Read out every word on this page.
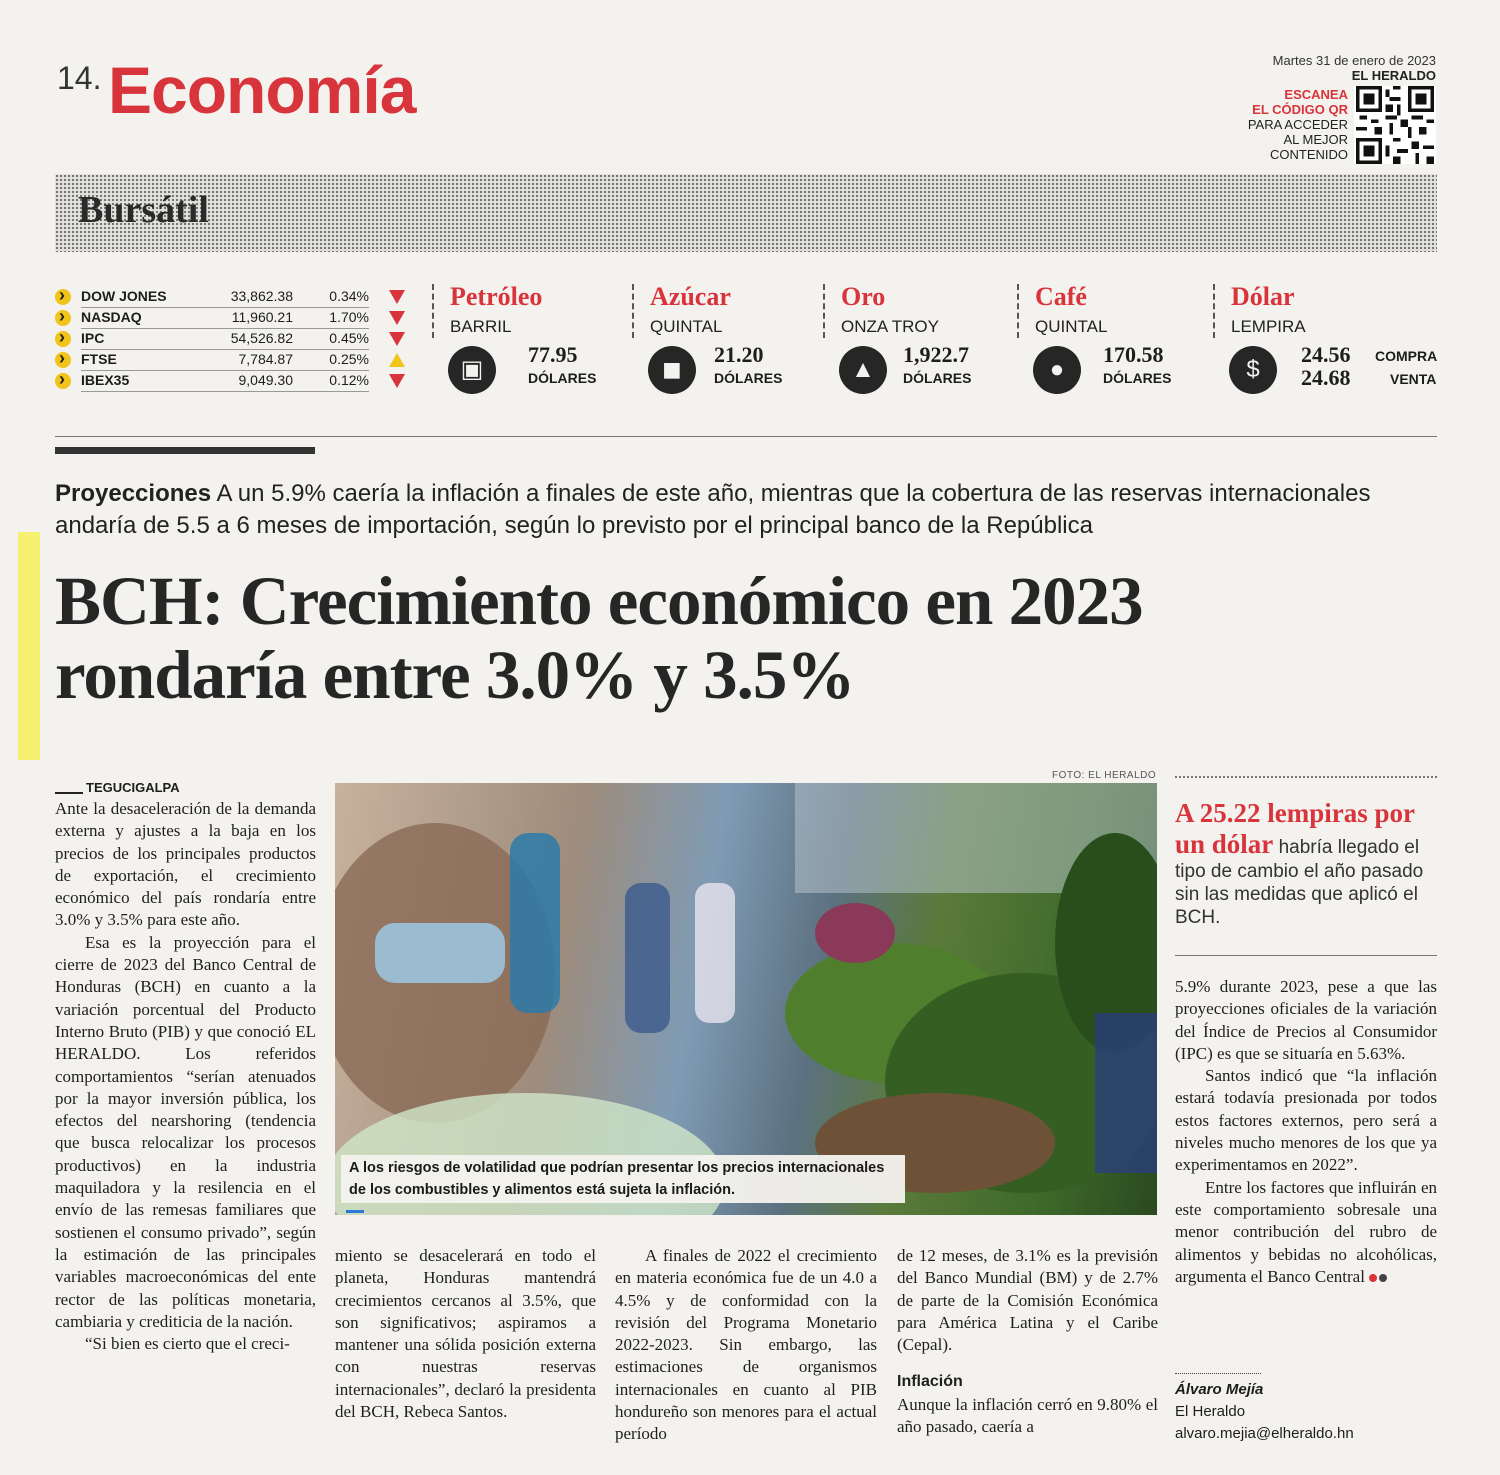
14. Economía	Martes 31 de enero de 2023
EL HERALDO
ESCANEA
EL CÓDIGO QR
PARA ACCEDER
AL MEJOR
CONTENIDO
Bursátil
›
DOW JONES	33,862.38	0.34%
›
NASDAQ	11,960.21	1.70%
›
IPC	54,526.82	0.45%
›
FTSE	7,784.87	0.25%
›
IBEX35	9,049.30	0.12%
Petróleo
BARRIL
▣
77.95
DÓLARES
Azúcar
QUINTAL
◼
21.20
DÓLARES
Oro
ONZA TROY
▲
1,922.7
DÓLARES
Café
QUINTAL
●
170.58
DÓLARES
Dólar
LEMPIRA
$
24.56 COMPRA
24.68	VENTA
Proyecciones A un 5.9% caería la inflación a finales de este año, mientras que la cobertura de las reservas internacionales andaría de 5.5 a 6 meses de importación, según lo previsto por el principal banco de la República
BCH: Crecimiento económico en 2023 rondaría entre 3.0% y 3.5%
TEGUCIGALPA

Ante la desaceleración de la demanda externa y ajustes a la baja en los precios de los principales productos de exportación, el crecimiento económico del país rondaría entre 3.0% y 3.5% para este año.

Esa es la proyección para el cierre de 2023 del Banco Central de Honduras (BCH) en cuanto a la variación porcentual del Producto Interno Bruto (PIB) y que conoció EL HERALDO. Los referidos comportamientos “serían atenuados por la mayor inversión pública, los efectos del nearshoring (tendencia que busca relocalizar los procesos productivos) en la industria maquiladora y la resilencia en el envío de las remesas familiares que sostienen el consumo privado”, según la estimación de las principales variables macroeconómicas del ente rector de las políticas monetaria, cambiaria y crediticia de la nación.

“Si bien es cierto que el creci-

FOTO: EL HERALDO
A los riesgos de volatilidad que podrían presentar los precios internacionales de los combustibles y alimentos está sujeta la inflación.

miento se desacelerará en todo el planeta, Honduras mantendrá crecimientos cercanos al 3.5%, que son significativos; aspiramos a mantener una sólida posición externa con nuestras reservas internacionales”, declaró la presidenta del BCH, Rebeca Santos.

A finales de 2022 el crecimiento en materia económica fue de un 4.0 a 4.5% y de conformidad con la revisión del Programa Monetario 2022-2023. Sin embargo, las estimaciones de organismos internacionales en cuanto al PIB hondureño son menores para el actual período

de 12 meses, de 3.1% es la previsión del Banco Mundial (BM) y de 2.7% de parte de la Comisión Económica para América Latina y el Caribe (Cepal).

Inflación

Aunque la inflación cerró en 9.80% el año pasado, caería a

A 25.22 lempiras por un dólar habría llegado el tipo de cambio el año pasado sin las medidas que aplicó el BCH.

5.9% durante 2023, pese a que las proyecciones oficiales de la variación del Índice de Precios al Consumidor (IPC) es que se situaría en 5.63%.

Santos indicó que “la inflación estará todavía presionada por todos estos factores externos, pero será a niveles mucho menores de los que ya experimentamos en 2022”.

Entre los factores que influirán en este comportamiento sobresale una menor contribución del rubro de alimentos y bebidas no alcohólicas, argumenta el Banco Central

Álvaro Mejía
El Heraldo
alvaro.mejia@elheraldo.hn
